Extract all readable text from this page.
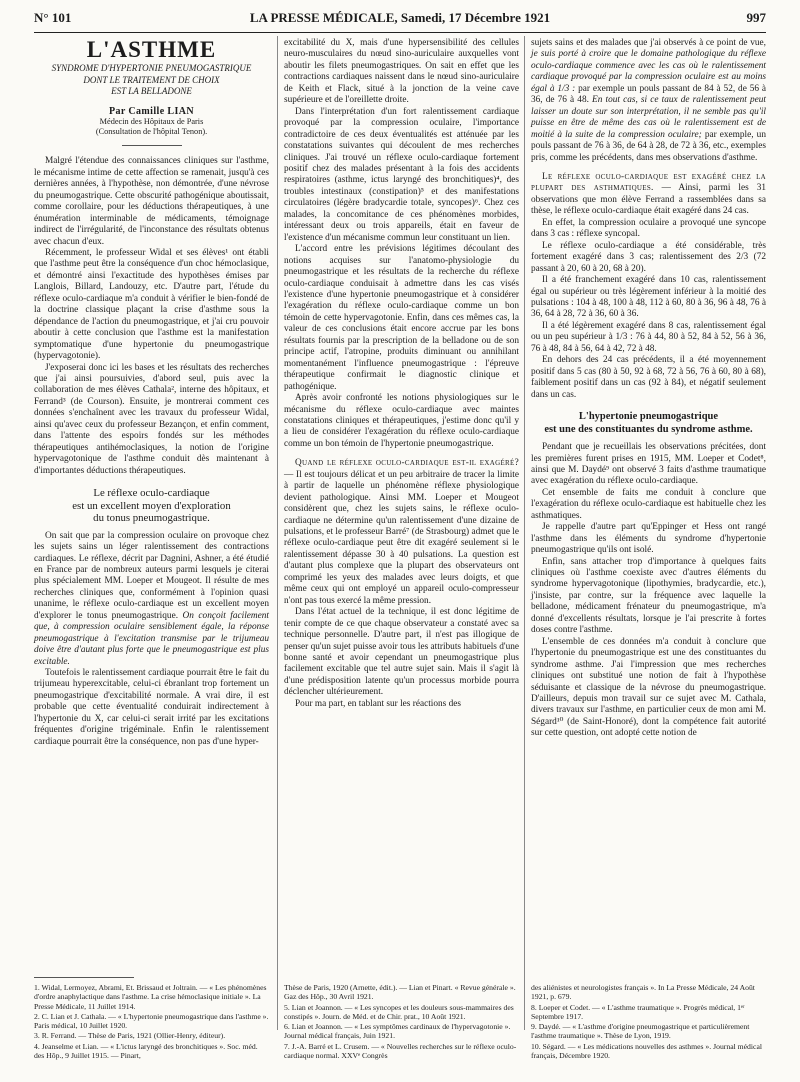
N° 101	LA PRESSE MÉDICALE, Samedi, 17 Décembre 1921	997

L'ASTHME

SYNDROME D'HYPERTONIE PNEUMOGASTRIQUE

DONT LE TRAITEMENT DE CHOIX

EST LA BELLADONE

Par Camille LIAN

Médecin des Hôpitaux de Paris

(Consultation de l'hôpital Tenon).

Malgré l'étendue des connaissances cliniques sur l'asthme, le mécanisme intime de cette affection se ramenait, jusqu'à ces dernières années, à l'hypothèse, non démontrée, d'une névrose du pneumogastrique. Cette obscurité pathogénique aboutissait, comme corollaire, pour les déductions thérapeutiques, à une énumération interminable de médicaments, témoignage indirect de l'irrégularité, de l'inconstance des résultats obtenus avec chacun d'eux.

Récemment, le professeur Widal et ses élèves¹ ont établi que l'asthme peut être la conséquence d'un choc hémoclasique, et démontré ainsi l'exactitude des hypothèses émises par Langlois, Billard, Landouzy, etc. D'autre part, l'étude du réflexe oculo-cardiaque m'a conduit à vérifier le bien-fondé de la doctrine classique plaçant la crise d'asthme sous la dépendance de l'action du pneumogastrique, et j'ai cru pouvoir aboutir à cette conclusion que l'asthme est la manifestation symptomatique d'une hypertonie du pneumogastrique (hypervagotonie).

J'exposerai donc ici les bases et les résultats des recherches que j'ai ainsi poursuivies, d'abord seul, puis avec la collaboration de mes élèves Cathala², interne des hôpitaux, et Ferrand³ (de Courson). Ensuite, je montrerai comment ces données s'enchaînent avec les travaux du professeur Widal, ainsi qu'avec ceux du professeur Bezançon, et enfin comment, dans l'attente des espoirs fondés sur les méthodes thérapeutiques antihémoclasiques, la notion de l'origine hypervagotonique de l'asthme conduit dès maintenant à d'importantes déductions thérapeutiques.

Le réflexe oculo-cardiaque
est un excellent moyen d'exploration
du tonus pneumogastrique.

On sait que par la compression oculaire on provoque chez les sujets sains un léger ralentissement des contractions cardiaques. Le réflexe, décrit par Dagnini, Ashner, a été étudié en France par de nombreux auteurs parmi lesquels je citerai plus spécialement MM. Loeper et Mougeot. Il résulte de mes recherches cliniques que, conformément à l'opinion quasi unanime, le réflexe oculo-cardiaque est un excellent moyen d'explorer le tonus pneumogastrique. On conçoit facilement que, à compression oculaire sensiblement égale, la réponse pneumogastrique à l'excitation transmise par le trijumeau doive être d'autant plus forte que le pneumogastrique est plus excitable.

Toutefois le ralentissement cardiaque pourrait être le fait du trijumeau hyperexcitable, celui-ci ébranlant trop fortement un pneumogastrique d'excitabilité normale. A vrai dire, il est probable que cette éventualité conduirait indirectement à l'hypertonie du X, car celui-ci serait irrité par les excitations fréquentes d'origine trigéminale. Enfin le ralentissement cardiaque pourrait être la conséquence, non pas d'une hyper-

excitabilité du X, mais d'une hypersensibilité des cellules neuro-musculaires du nœud sino-auriculaire auxquelles vont aboutir les filets pneumogastriques. On sait en effet que les contractions cardiaques naissent dans le nœud sino-auriculaire de Keith et Flack, situé à la jonction de la veine cave supérieure et de l'oreillette droite.

Dans l'interprétation d'un fort ralentissement cardiaque provoqué par la compression oculaire, l'importance contradictoire de ces deux éventualités est atténuée par les constatations suivantes qui découlent de mes recherches cliniques. J'ai trouvé un réflexe oculo-cardiaque fortement positif chez des malades présentant à la fois des accidents respiratoires (asthme, ictus laryngé des bronchitiques)⁴, des troubles intestinaux (constipation)⁵ et des manifestations circulatoires (légère bradycardie totale, syncopes)⁶. Chez ces malades, la concomitance de ces phénomènes morbides, intéressant deux ou trois appareils, était en faveur de l'existence d'un mécanisme commun leur constituant un lien.

L'accord entre les prévisions légitimes découlant des notions acquises sur l'anatomo-physiologie du pneumogastrique et les résultats de la recherche du réflexe oculo-cardiaque conduisait à admettre dans les cas visés l'existence d'une hypertonie pneumogastrique et à considérer l'exagération du réflexe oculo-cardiaque comme un bon témoin de cette hypervagotonie. Enfin, dans ces mêmes cas, la valeur de ces conclusions était encore accrue par les bons résultats fournis par la prescription de la belladone ou de son principe actif, l'atropine, produits diminuant ou annihilant momentanément l'influence pneumogastrique : l'épreuve thérapeutique confirmait le diagnostic clinique et pathogénique.

Après avoir confronté les notions physiologiques sur le mécanisme du réflexe oculo-cardiaque avec maintes constatations cliniques et thérapeutiques, j'estime donc qu'il y a lieu de considérer l'exagération du réflexe oculo-cardiaque comme un bon témoin de l'hypertonie pneumogastrique.

Quand le réflexe oculo-cardiaque est-il exagéré? — Il est toujours délicat et un peu arbitraire de tracer la limite à partir de laquelle un phénomène réflexe physiologique devient pathologique. Ainsi MM. Loeper et Mougeot considèrent que, chez les sujets sains, le réflexe oculo-cardiaque ne détermine qu'un ralentissement d'une dizaine de pulsations, et le professeur Barré⁷ (de Strasbourg) admet que le réflexe oculo-cardiaque peut être dit exagéré seulement si le ralentissement dépasse 30 à 40 pulsations. La question est d'autant plus complexe que la plupart des observateurs ont comprimé les yeux des malades avec leurs doigts, et que même ceux qui ont employé un appareil oculo-compresseur n'ont pas tous exercé la même pression.

Dans l'état actuel de la technique, il est donc légitime de tenir compte de ce que chaque observateur a constaté avec sa technique personnelle. D'autre part, il n'est pas illogique de penser qu'un sujet puisse avoir tous les attributs habituels d'une bonne santé et avoir cependant un pneumogastrique plus facilement excitable que tel autre sujet sain. Mais il s'agit là d'une prédisposition latente qu'un processus morbide pourra déclencher ultérieurement.

Pour ma part, en tablant sur les réactions des

sujets sains et des malades que j'ai observés à ce point de vue, je suis porté à croire que le domaine pathologique du réflexe oculo-cardiaque commence avec les cas où le ralentissement cardiaque provoqué par la compression oculaire est au moins égal à 1/3 : par exemple un pouls passant de 84 à 52, de 56 à 36, de 76 à 48. En tout cas, si ce taux de ralentissement peut laisser un doute sur son interprétation, il ne semble pas qu'il puisse en être de même des cas où le ralentissement est de moitié à la suite de la compression oculaire; par exemple, un pouls passant de 76 à 36, de 64 à 28, de 72 à 36, etc., exemples pris, comme les précédents, dans mes observations d'asthme.

Le réflexe oculo-cardiaque est exagéré chez la plupart des asthmatiques. — Ainsi, parmi les 31 observations que mon élève Ferrand a rassemblées dans sa thèse, le réflexe oculo-cardiaque était exagéré dans 24 cas.

En effet, la compression oculaire a provoqué une syncope dans 3 cas : réflexe syncopal.

Le réflexe oculo-cardiaque a été considérable, très fortement exagéré dans 3 cas; ralentissement des 2/3 (72 passant à 20, 60 à 20, 68 à 20).

Il a été franchement exagéré dans 10 cas, ralentissement égal ou supérieur ou très légèrement inférieur à la moitié des pulsations : 104 à 48, 100 à 48, 112 à 60, 80 à 36, 96 à 48, 76 à 36, 64 à 28, 72 à 36, 60 à 36.

Il a été légèrement exagéré dans 8 cas, ralentissement égal ou un peu supérieur à 1/3 : 76 à 44, 80 à 52, 84 à 52, 56 à 36, 76 à 48, 84 à 56, 64 à 42, 72 à 48.

En dehors des 24 cas précédents, il a été moyennement positif dans 5 cas (80 à 50, 92 à 68, 72 à 56, 76 à 60, 80 à 68), faiblement positif dans un cas (92 à 84), et négatif seulement dans un cas.

L'hypertonie pneumogastrique
est une des constituantes du syndrome asthme.

Pendant que je recueillais les observations précitées, dont les premières furent prises en 1915, MM. Loeper et Codet⁸, ainsi que M. Daydé⁹ ont observé 3 faits d'asthme traumatique avec exagération du réflexe oculo-cardiaque.

Cet ensemble de faits me conduit à conclure que l'exagération du réflexe oculo-cardiaque est habituelle chez les asthmatiques.

Je rappelle d'autre part qu'Eppinger et Hess ont rangé l'asthme dans les éléments du syndrome d'hypertonie pneumogastrique qu'ils ont isolé.

Enfin, sans attacher trop d'importance à quelques faits cliniques où l'asthme coexiste avec d'autres éléments du syndrome hypervagotonique (lipothymies, bradycardie, etc.), j'insiste, par contre, sur la fréquence avec laquelle la belladone, médicament frénateur du pneumogastrique, m'a donné d'excellents résultats, lorsque je l'ai prescrite à fortes doses contre l'asthme.

L'ensemble de ces données m'a conduit à conclure que l'hypertonie du pneumogastrique est une des constituantes du syndrome asthme. J'ai l'impression que mes recherches cliniques ont substitué une notion de fait à l'hypothèse séduisante et classique de la névrose du pneumogastrique. D'ailleurs, depuis mon travail sur ce sujet avec M. Cathala, divers travaux sur l'asthme, en particulier ceux de mon ami M. Ségard¹⁰ (de Saint-Honoré), dont la compétence fait autorité sur cette question, ont adopté cette notion de

1. Widal, Lermoyez, Abrami, Et. Brissaud et Joltrain. — « Les phénomènes d'ordre anaphylactique dans l'asthme. La crise hémoclasique initiale ». La Presse Médicale, 11 Juillet 1914.
2. C. Lian et J. Cathala. — « L'hypertonie pneumogastrique dans l'asthme ». Paris médical, 10 Juillet 1920.
3. R. Ferrand. — Thèse de Paris, 1921 (Ollier-Henry, éditeur).
4. Jeanselme et Lian. — « L'ictus laryngé des bronchitiques ». Soc. méd. des Hôp., 9 Juillet 1915. — Pinart,
Thèse de Paris, 1920 (Arnette, édit.). — Lian et Pinart. « Revue générale ». Gaz des Hôp., 30 Avril 1921.
5. Lian et Joannon. — « Les syncopes et les douleurs sous-mammaires des constipés ». Journ. de Méd. et de Chir. prat., 10 Août 1921.
6. Lian et Joannon. — « Les symptômes cardinaux de l'hypervagotonie ». Journal médical français, Juin 1921.
7. J.-A. Barré et L. Crusem. — « Nouvelles recherches sur le réflexe oculo-cardiaque normal. XXVᵉ Congrès
des aliénistes et neurologistes français ». In La Presse Médicale, 24 Août 1921, p. 679.
8. Loeper et Codet. — « L'asthme traumatique ». Progrès médical, 1ᵉʳ Septembre 1917.
9. Daydé. — « L'asthme d'origine pneumogastrique et particulièrement l'asthme traumatique ». Thèse de Lyon, 1919.
10. Ségard. — « Les médications nouvelles des asthmes ». Journal médical français, Décembre 1920.
